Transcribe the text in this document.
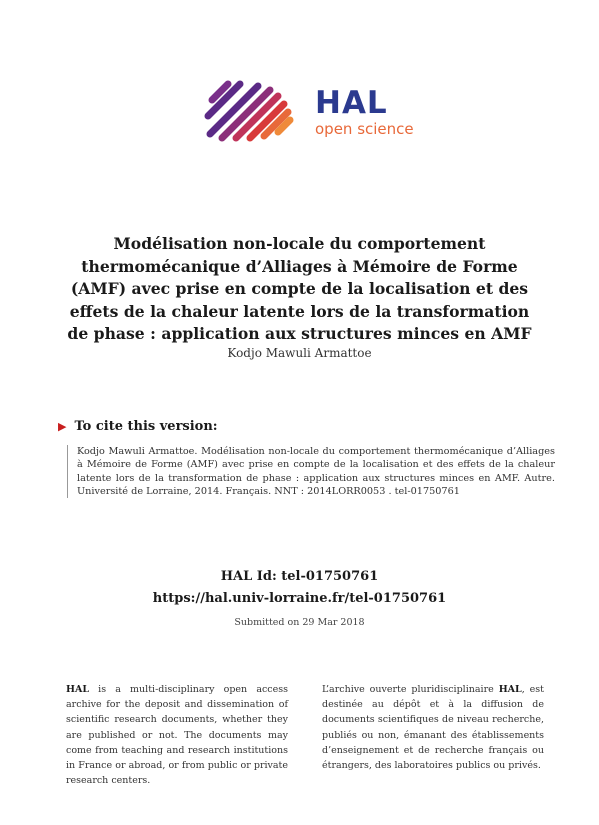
HAL
open science
Modélisation non-locale du comportement thermomécanique d’Alliages à Mémoire de Forme (AMF) avec prise en compte de la localisation et des effets de la chaleur latente lors de la transformation de phase : application aux structures minces en AMF
Kodjo Mawuli Armattoe
▶ To cite this version:
Kodjo Mawuli Armattoe. Modélisation non-locale du comportement thermomécanique d’Alliages à Mémoire de Forme (AMF) avec prise en compte de la localisation et des effets de la chaleur latente lors de la transformation de phase : application aux structures minces en AMF. Autre. Université de Lorraine, 2014. Français. NNT : 2014LORR0053 . tel-01750761
HAL Id: tel-01750761
https://hal.univ-lorraine.fr/tel-01750761
Submitted on 29 Mar 2018
HAL is a multi-disciplinary open access archive for the deposit and dissemination of scientific research documents, whether they are published or not. The documents may come from teaching and research institutions in France or abroad, or from public or private research centers.
L’archive ouverte pluridisciplinaire HAL, est destinée au dépôt et à la diffusion de documents scientifiques de niveau recherche, publiés ou non, émanant des établissements d’enseignement et de recherche français ou étrangers, des laboratoires publics ou privés.
